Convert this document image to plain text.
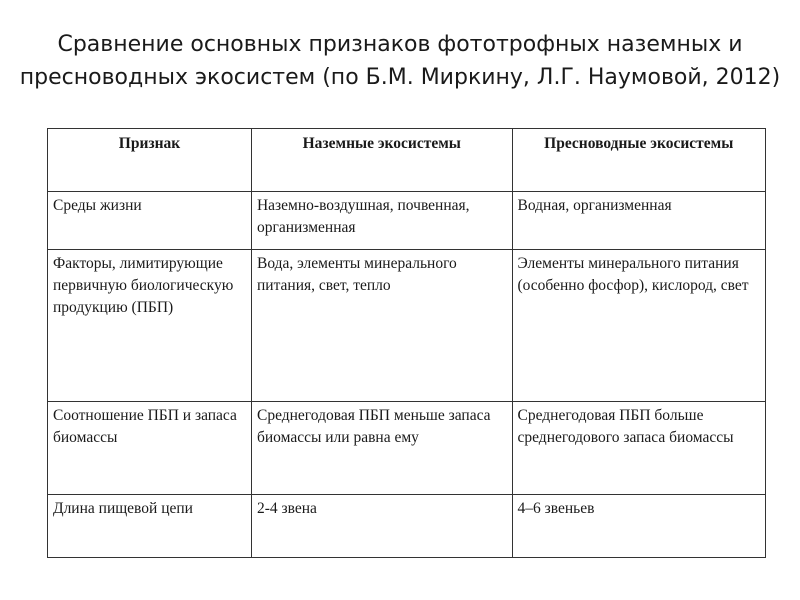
Сравнение основных признаков фототрофных наземных и
пресноводных экосистем (по Б.М. Миркину, Л.Г. Наумовой, 2012)
Признак	Наземные экосистемы	Пресноводные экосистемы
Среды жизни	Наземно-воздушная, почвенная, организменная	Водная, организменная
Факторы, лимитирующие первичную биологическую продукцию (ПБП)	Вода, элементы минерального питания, свет, тепло	Элементы минерального питания (особенно фосфор), кислород, свет
Соотношение ПБП и запаса биомассы	Среднегодовая ПБП меньше запаса биомассы или равна ему	Среднегодовая ПБП больше среднегодового запаса биомассы
Длина пищевой цепи	2-4 звена	4–6 звеньев
